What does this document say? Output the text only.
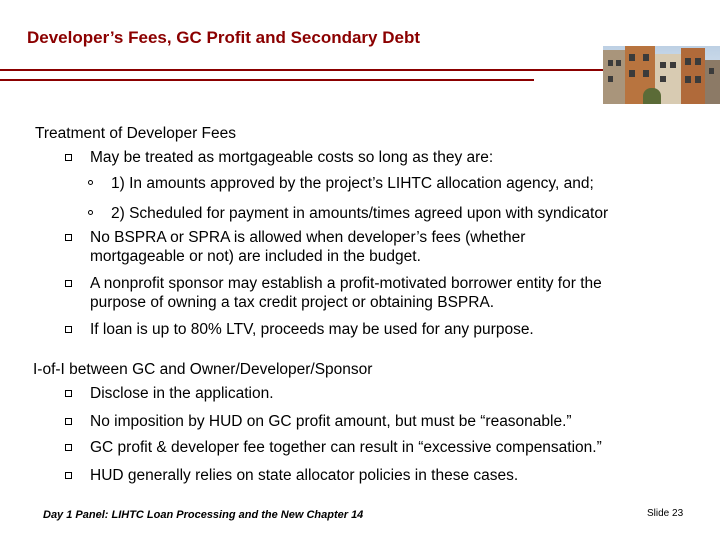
Developer’s Fees, GC Profit and Secondary Debt
Treatment of Developer Fees
May be treated as mortgageable costs so long as they are:
1) In amounts approved by the project’s LIHTC allocation agency, and;
2) Scheduled for payment in amounts/times agreed upon with syndicator
No BSPRA or SPRA is allowed when developer’s fees (whether
mortgageable or not) are included in the budget.
A nonprofit sponsor may establish a profit-motivated borrower entity for the
purpose of owning a tax credit project or obtaining BSPRA.
If loan is up to 80% LTV, proceeds may be used for any purpose.
I-of-I between GC and Owner/Developer/Sponsor
Disclose in the application.
No imposition by HUD on GC profit amount, but must be “reasonable.”
GC profit & developer fee together can result in “excessive compensation.”
HUD generally relies on state allocator policies in these cases.
Day 1 Panel: LIHTC Loan Processing and the New Chapter 14	Slide 23
